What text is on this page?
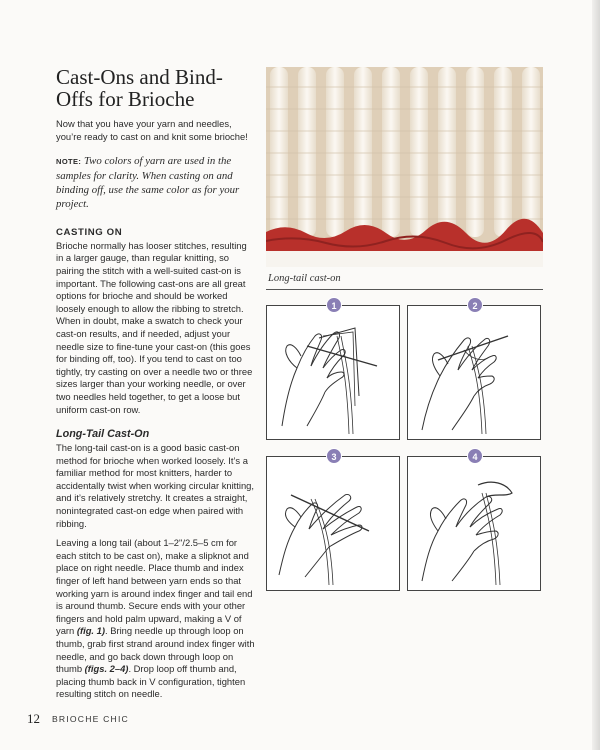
Cast-Ons and Bind-Offs for Brioche

Now that you have your yarn and needles, you’re ready to cast on and knit some brioche!

NOTE: Two colors of yarn are used in the samples for clarity. When casting on and binding off, use the same color as for your project.

CASTING ON

Brioche normally has looser stitches, resulting in a larger gauge, than regular knitting, so pairing the stitch with a well-suited cast-on is important. The following cast-ons are all great options for brioche and should be worked loosely enough to allow the ribbing to stretch. When in doubt, make a swatch to check your cast-on results, and if needed, adjust your needle size to fine-tune your cast-on (this goes for binding off, too). If you tend to cast on too tightly, try casting on over a needle two or three sizes larger than your working needle, or over two needles held together, to get a loose but uniform cast-on row.

Long-Tail Cast-On

The long-tail cast-on is a good basic cast-on method for brioche when worked loosely. It’s a familiar method for most knitters, harder to accidentally twist when working circular knitting, and it’s relatively stretchy. It creates a straight, nonintegrated cast-on edge when paired with ribbing.

Leaving a long tail (about 1–2"/2.5–5 cm for each stitch to be cast on), make a slipknot and place on right needle. Place thumb and index finger of left hand between yarn ends so that working yarn is around index finger and tail end is around thumb. Secure ends with your other fingers and hold palm upward, making a V of yarn (fig. 1). Bring needle up through loop on thumb, grab first strand around index finger with needle, and go back down through loop on thumb (figs. 2–4). Drop loop off thumb and, placing thumb back in V configuration, tighten resulting stitch on needle.

Long-tail cast-on
1	2
3	4
12 BRIOCHE CHIC
